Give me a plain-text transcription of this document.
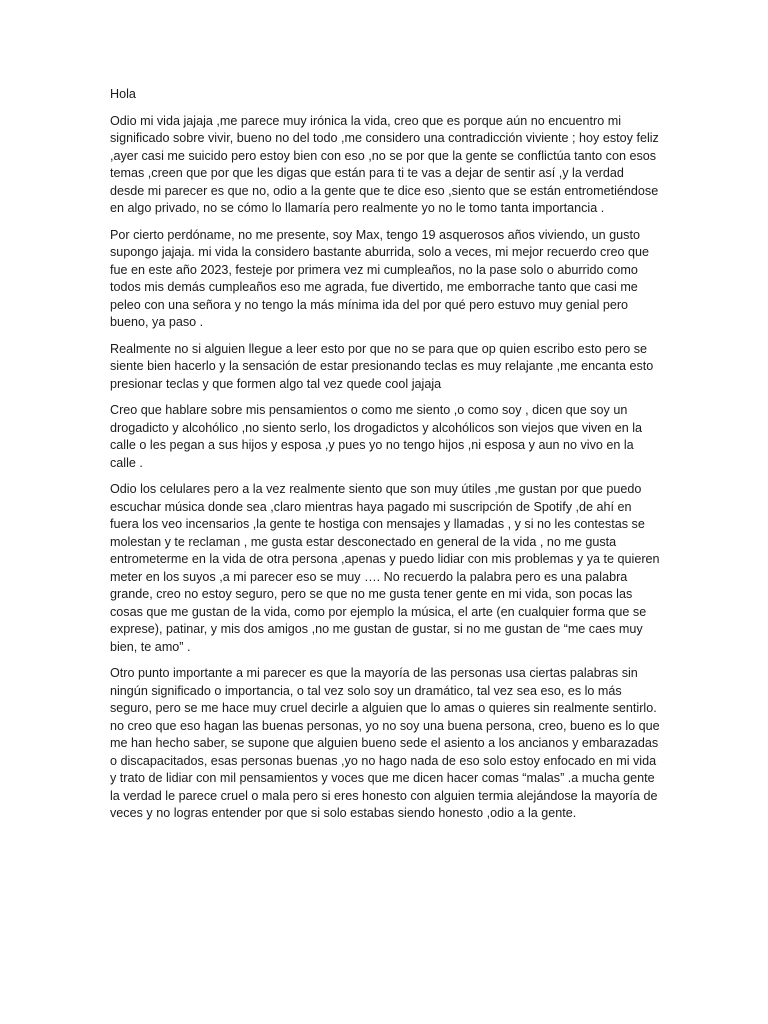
Hola

Odio mi vida jajaja ,me parece muy irónica la vida, creo que es porque aún no encuentro mi significado sobre vivir, bueno no del todo ,me considero una contradicción viviente ; hoy estoy feliz ,ayer casi me suicido pero estoy bien con eso ,no se por que la gente se conflictúa tanto con esos temas ,creen que por que les digas que están para ti te vas a dejar de sentir así ,y la verdad desde mi parecer es que no, odio a la gente que te dice eso ,siento que se están entrometiéndose en algo privado, no se cómo lo llamaría pero realmente yo no le tomo tanta importancia .

Por cierto perdóname, no me presente, soy Max, tengo 19 asquerosos años viviendo, un gusto supongo jajaja. mi vida la considero bastante aburrida, solo a veces, mi mejor recuerdo creo que fue en este año 2023, festeje por primera vez mi cumpleaños, no la pase solo o aburrido como todos mis demás cumpleaños eso me agrada, fue divertido, me emborrache tanto que casi me peleo con una señora y no tengo la más mínima ida del por qué pero estuvo muy genial pero bueno, ya paso .

Realmente no si alguien llegue a leer esto por que no se para que op quien escribo esto pero se siente bien hacerlo y la sensación de estar presionando teclas es muy relajante ,me encanta esto presionar teclas y que formen algo tal vez quede cool jajaja

Creo que hablare sobre mis pensamientos o como me siento ,o como soy , dicen que soy un drogadicto y alcohólico ,no siento serlo, los drogadictos y alcohólicos son viejos que viven en la calle o les pegan a sus hijos y esposa ,y pues yo no tengo hijos ,ni esposa y aun no vivo en la calle .

Odio los celulares pero a la vez realmente siento que son muy útiles ,me gustan por que puedo escuchar música donde sea ,claro mientras haya pagado mi suscripción de Spotify ,de ahí en fuera los veo incensarios ,la gente te hostiga con mensajes y llamadas , y si no les contestas se molestan y te reclaman , me gusta estar desconectado en general de la vida , no me gusta entrometerme en la vida de otra persona ,apenas y puedo lidiar con mis problemas y ya te quieren meter en los suyos ,a mi parecer eso se muy …. No recuerdo la palabra pero es una palabra grande, creo no estoy seguro, pero se que no me gusta tener gente en mi vida, son pocas las cosas que me gustan de la vida, como por ejemplo la música, el arte (en cualquier forma que se exprese), patinar, y mis dos amigos ,no me gustan de gustar, si no me gustan de “me caes muy bien, te amo” .

Otro punto importante a mi parecer es que la mayoría de las personas usa ciertas palabras sin ningún significado o importancia, o tal vez solo soy un dramático, tal vez sea eso, es lo más seguro, pero se me hace muy cruel decirle a alguien que lo amas o quieres sin realmente sentirlo. no creo que eso hagan las buenas personas, yo no soy una buena persona, creo, bueno es lo que me han hecho saber, se supone que alguien bueno sede el asiento a los ancianos y embarazadas o discapacitados, esas personas buenas ,yo no hago nada de eso solo estoy enfocado en mi vida y trato de lidiar con mil pensamientos y voces que me dicen hacer comas “malas” .a mucha gente la verdad le parece cruel o mala pero si eres honesto con alguien termia alejándose la mayoría de veces y no logras entender por que si solo estabas siendo honesto ,odio a la gente.
